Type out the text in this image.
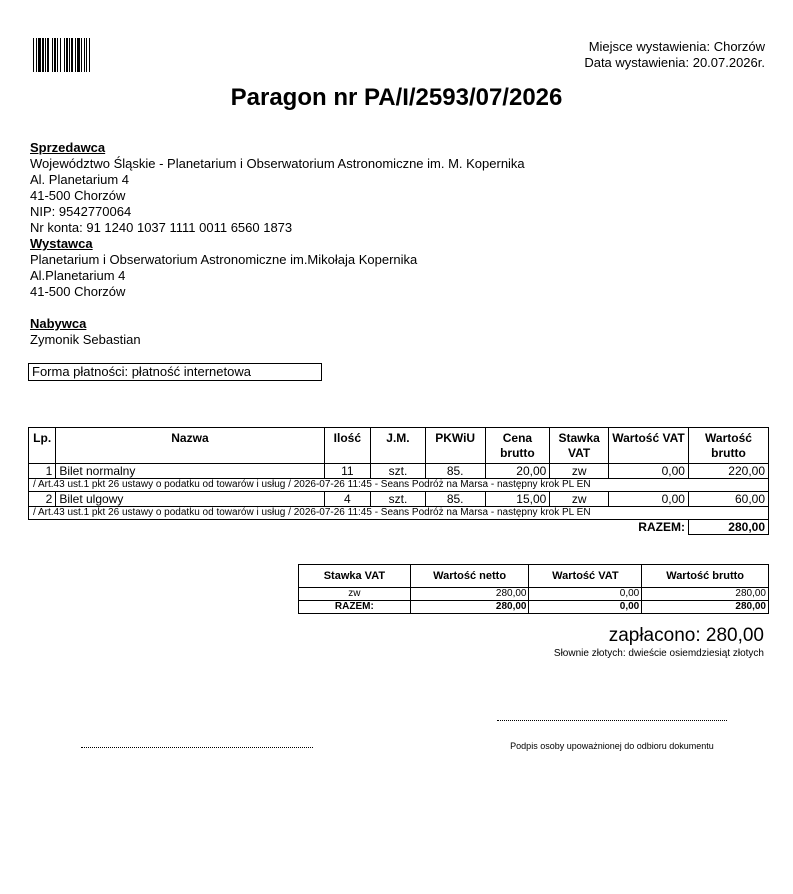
Miejsce wystawienia: Chorzów
Data wystawienia: 20.07.2026r.
Paragon nr PA/I/2593/07/2026
Sprzedawca
Województwo Śląskie - Planetarium i Obserwatorium Astronomiczne im. M. Kopernika
Al. Planetarium 4
41-500 Chorzów
NIP: 9542770064
Nr konta: 91 1240 1037 1111 0011 6560 1873
Wystawca
Planetarium i Obserwatorium Astronomiczne im.Mikołaja Kopernika
Al.Planetarium 4
41-500 Chorzów
Nabywca
Zymonik Sebastian
Forma płatności: płatność internetowa
Lp.	Nazwa	Ilość	J.M.	PKWiU	Cena brutto	Stawka VAT	Wartość VAT	Wartość brutto
1	Bilet normalny	11	szt.	85.	20,00	zw	0,00	220,00
/ Art.43 ust.1 pkt 26 ustawy o podatku od towarów i usług / 2026-07-26 11:45 - Seans Podróż na Marsa - następny krok PL EN								
2	Bilet ulgowy	4	szt.	85.	15,00	zw	0,00	60,00
/ Art.43 ust.1 pkt 26 ustawy o podatku od towarów i usług / 2026-07-26 11:45 - Seans Podróż na Marsa - następny krok PL EN								
							RAZEM:	280,00
Stawka VAT	Wartość netto	Wartość VAT	Wartość brutto
zw	280,00	0,00	280,00
RAZEM:	280,00	0,00	280,00
zapłacono: 280,00
Słownie złotych: dwieście osiemdziesiąt złotych
Podpis osoby upoważnionej do odbioru dokumentu
